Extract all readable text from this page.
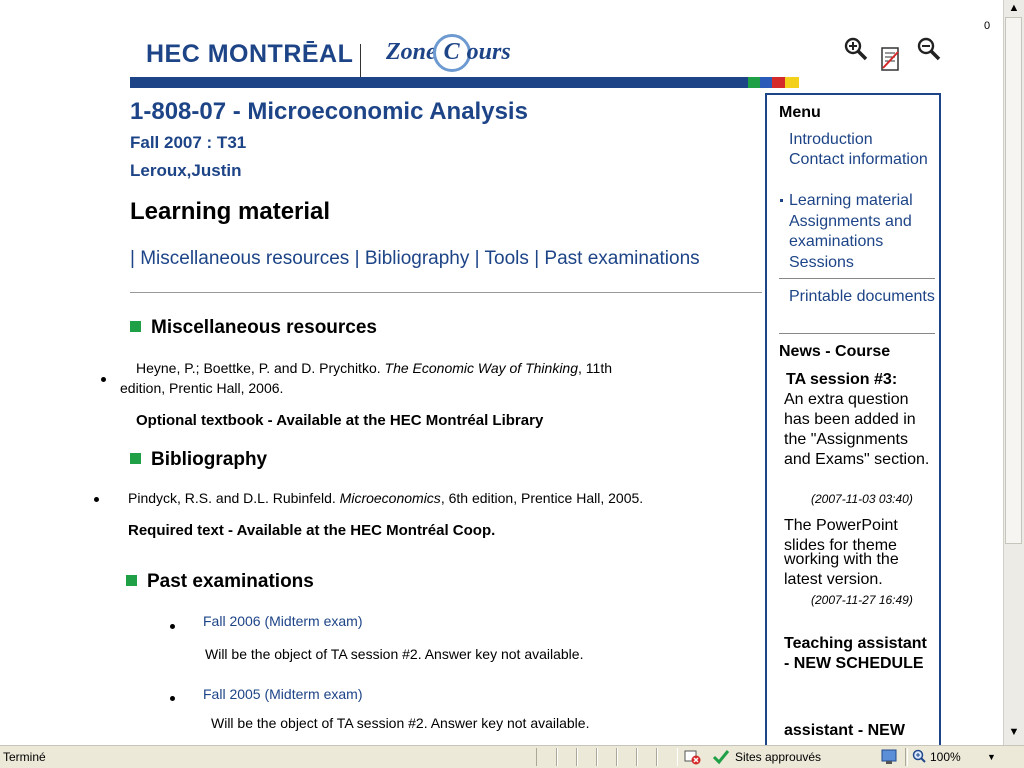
HEC MONTRĒAL Zone C ours
0
1-808-07 - Microeconomic Analysis
Fall 2007 : T31
Leroux,Justin
Learning material
| Miscellaneous resources | Bibliography | Tools | Past examinations
Miscellaneous resources
Heyne, P.; Boettke, P. and D. Prychitko. The Economic Way of Thinking, 11th
edition, Prentic Hall, 2006.
Optional textbook - Available at the HEC Montréal Library
Bibliography
Pindyck, R.S. and D.L. Rubinfeld. Microeconomics, 6th edition, Prentice Hall, 2005.
Required text - Available at the HEC Montréal Coop.
Past examinations
Fall 2006 (Midterm exam)
Will be the object of TA session #2. Answer key not available.
Fall 2005 (Midterm exam)
Will be the object of TA session #2. Answer key not available.
Menu
Introduction
Contact information
Learning material
Assignments and examinations
Sessions
Printable documents
News - Course
TA session #3:
An extra question has been added in the "Assignments and Exams" section.
(2007-11-03 03:40)
The PowerPoint slides for theme
working with the latest version.
(2007-11-27 16:49)
Teaching assistant - NEW SCHEDULE
assistant - NEW
▲
▼
Terminé	Sites approuvés	100%	▼
